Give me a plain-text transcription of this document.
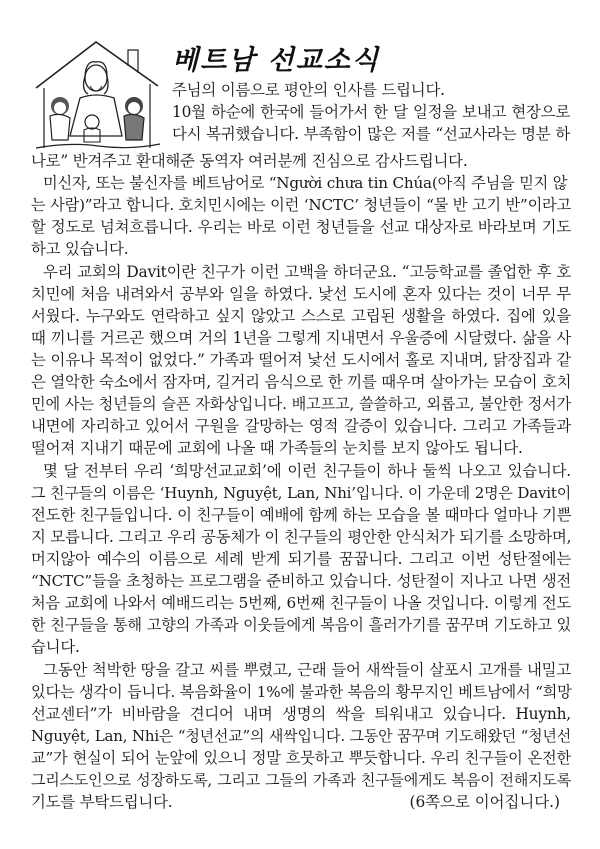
베트남 선교소식
주님의 이름으로 평안의 인사를 드립니다.
10월 하순에 한국에 들어가서 한 달 일정을 보내고 현장으로
다시 복귀했습니다. 부족함이 많은 저를 “선교사라는 명분 하
나로” 반겨주고 환대해준 동역자 여러분께 진심으로 감사드립니다.
미신자, 또는 불신자를 베트남어로 “Người chưa tin Chúa(아직 주님을 믿지 않
는 사람)”라고 합니다. 호치민시에는 이런 ‘NCTC’ 청년들이 “물 반 고기 반”이라고
할 정도로 넘쳐흐릅니다. 우리는 바로 이런 청년들을 선교 대상자로 바라보며 기도
하고 있습니다.
우리 교회의 Davit이란 친구가 이런 고백을 하더군요. “고등학교를 졸업한 후 호
치민에 처음 내려와서 공부와 일을 하였다. 낯선 도시에 혼자 있다는 것이 너무 무
서웠다. 누구와도 연락하고 싶지 않았고 스스로 고립된 생활을 하였다. 집에 있을
때 끼니를 거르곤 했으며 거의 1년을 그렇게 지내면서 우울증에 시달렸다. 삶을 사
는 이유나 목적이 없었다.” 가족과 떨어져 낯선 도시에서 홀로 지내며, 닭장집과 같
은 열악한 숙소에서 잠자며, 길거리 음식으로 한 끼를 때우며 살아가는 모습이 호치
민에 사는 청년들의 슬픈 자화상입니다. 배고프고, 쓸쓸하고, 외롭고, 불안한 정서가
내면에 자리하고 있어서 구원을 갈망하는 영적 갈증이 있습니다. 그리고 가족들과
떨어져 지내기 때문에 교회에 나올 때 가족들의 눈치를 보지 않아도 됩니다.
몇 달 전부터 우리 ‘희망선교교회’에 이런 친구들이 하나 둘씩 나오고 있습니다.
그 친구들의 이름은 ‘Huynh, Nguyệt, Lan, Nhi’입니다. 이 가운데 2명은 Davit이
전도한 친구들입니다. 이 친구들이 예배에 함께 하는 모습을 볼 때마다 얼마나 기쁜
지 모릅니다. 그리고 우리 공동체가 이 친구들의 평안한 안식처가 되기를 소망하며,
머지않아 예수의 이름으로 세례 받게 되기를 꿈꿉니다. 그리고 이번 성탄절에는
“NCTC”들을 초청하는 프로그램을 준비하고 있습니다. 성탄절이 지나고 나면 생전
처음 교회에 나와서 예배드리는 5번째, 6번째 친구들이 나올 것입니다. 이렇게 전도
한 친구들을 통해 고향의 가족과 이웃들에게 복음이 흘러가기를 꿈꾸며 기도하고 있
습니다.
그동안 척박한 땅을 갈고 씨를 뿌렸고, 근래 들어 새싹들이 살포시 고개를 내밀고
있다는 생각이 듭니다. 복음화율이 1%에 불과한 복음의 황무지인 베트남에서 “희망
선교센터”가 비바람을 견디어 내며 생명의 싹을 틔워내고 있습니다. Huynh,
Nguyệt, Lan, Nhi은 “청년선교”의 새싹입니다. 그동안 꿈꾸며 기도해왔던 “청년선
교”가 현실이 되어 눈앞에 있으니 정말 흐뭇하고 뿌듯합니다. 우리 친구들이 온전한
그리스도인으로 성장하도록, 그리고 그들의 가족과 친구들에게도 복음이 전해지도록
기도를 부탁드립니다.	(6쪽으로 이어집니다.)
